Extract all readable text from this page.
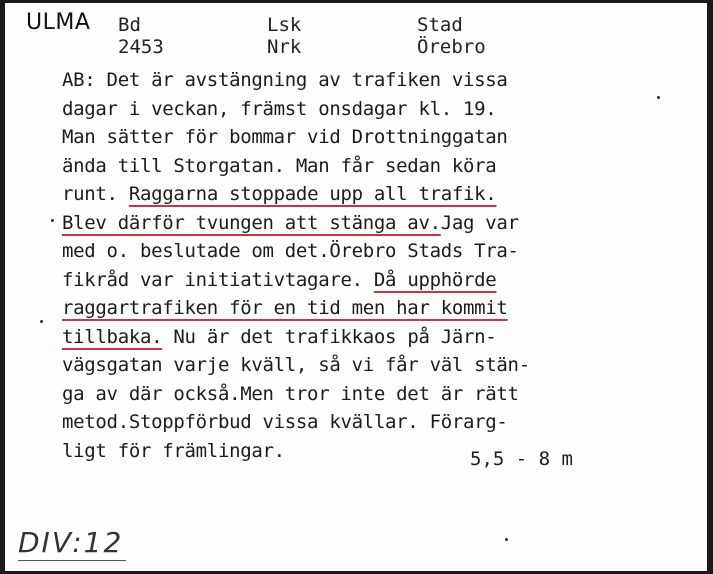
ULMA Bd 2453
Lsk Nrk
Stad Örebro
AB: Det är avstängning av trafiken vissa
dagar i veckan, främst onsdagar kl. 19.
Man sätter för bommar vid Drottninggatan
ända till Storgatan. Man får sedan köra
runt. Raggarna stoppade upp all trafik.
Blev därför tvungen att stänga av.Jag var
med o. beslutade om det.Örebro Stads Tra-
fikråd var initiativtagare. Då upphörde
raggartrafiken för en tid men har kommit
tillbaka. Nu är det trafikkaos på Järn-
vägsgatan varje kväll, så vi får väl stän-
ga av där också.Men tror inte det är rätt
metod.Stoppförbud vissa kvällar. Förarg-
ligt för främlingar.	5,5 - 8 m
DIV:12
